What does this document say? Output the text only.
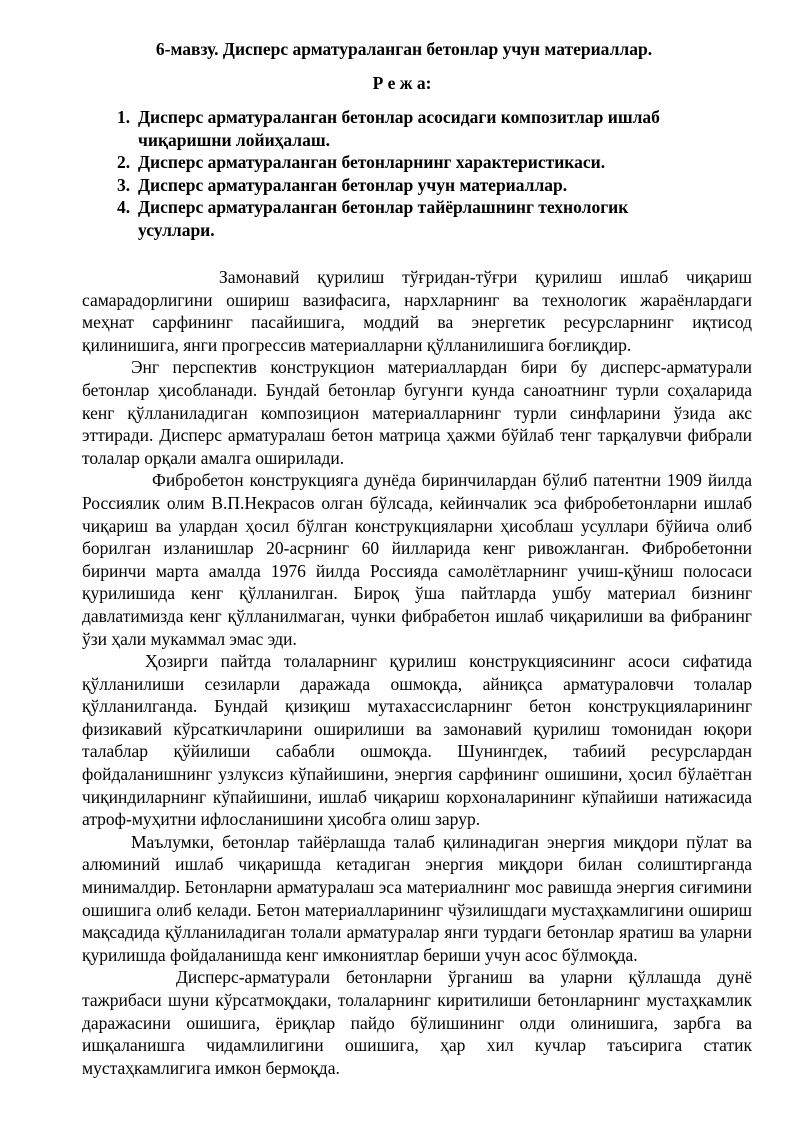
6-мавзу. Дисперс арматураланган бетонлар учун материаллар.
Р е ж а:
1. Дисперс арматураланган бетонлар асосидаги композитлар ишлаб чиқаришни лойиҳалаш.
2. Дисперс арматураланган бетонларнинг характеристикаси.
3. Дисперс арматураланган бетонлар учун материаллар.
4. Дисперс арматураланган бетонлар тайёрлашнинг технологик усуллари.

Замонавий қурилиш тўғридан-тўғри қурилиш ишлаб чиқариш самарадорлигини ошириш вазифасига, нархларнинг ва технологик жараёнлардаги меҳнат сарфининг пасайишига, моддий ва энергетик ресурсларнинг иқтисод қилинишига, янги прогрессив материалларни қўлланилишига боғлиқдир.

Энг перспектив конструкцион материаллардан бири бу дисперс-арматурали бетонлар ҳисобланади. Бундай бетонлар бугунги кунда саноатнинг турли соҳаларида кенг қўлланиладиган композицион материалларнинг турли синфларини ўзида акс эттиради. Дисперс арматуралаш бетон матрица ҳажми бўйлаб тенг тарқалувчи фибрали толалар орқали амалга оширилади.

Фибробетон конструкцияга дунёда биринчилардан бўлиб патентни 1909 йилда Россиялик олим В.П.Некрасов олган бўлсада, кейинчалик эса фибробетонларни ишлаб чиқариш ва улардан ҳосил бўлган конструкцияларни ҳисоблаш усуллари бўйича олиб борилган изланишлар 20-асрнинг 60 йилларида кенг ривожланган. Фибробетонни биринчи марта амалда 1976 йилда Россияда самолётларнинг учиш-қўниш полосаси қурилишида кенг қўлланилган. Бироқ ўша пайтларда ушбу материал бизнинг давлатимизда кенг қўлланилмаган, чунки фибрабетон ишлаб чиқарилиши ва фибранинг ўзи ҳали мукаммал эмас эди.

Ҳозирги пайтда толаларнинг қурилиш конструкциясининг асоси сифатида қўлланилиши сезиларли даражада ошмоқда, айниқса арматураловчи толалар қўлланилганда. Бундай қизиқиш мутахассисларнинг бетон конструкцияларининг физикавий кўрсаткичларини оширилиши ва замонавий қурилиш томонидан юқори талаблар қўйилиши сабабли ошмоқда. Шунингдек, табиий ресурслардан фойдаланишнинг узлуксиз кўпайишини, энергия сарфининг ошишини, ҳосил бўлаётган чиқиндиларнинг кўпайишини, ишлаб чиқариш корхоналарининг кўпайиши натижасида атроф-муҳитни ифлосланишини ҳисобга олиш зарур.

Маълумки, бетонлар тайёрлашда талаб қилинадиган энергия миқдори пўлат ва алюминий ишлаб чиқаришда кетадиган энергия миқдори билан солиштирганда минималдир. Бетонларни арматуралаш эса материалнинг мос равишда энергия сиғимини ошишига олиб келади. Бетон материалларининг чўзилишдаги мустаҳкамлигини ошириш мақсадида қўлланиладиган толали арматуралар янги турдаги бетонлар яратиш ва уларни қурилишда фойдаланишда кенг имкониятлар бериши учун асос бўлмоқда.

Дисперс-арматурали бетонларни ўрганиш ва уларни қўллашда дунё тажрибаси шуни кўрсатмоқдаки, толаларнинг киритилиши бетонларнинг мустаҳкамлик даражасини ошишига, ёриқлар пайдо бўлишининг олди олинишига, зарбга ва ишқаланишга чидамлилигини ошишига, ҳар хил кучлар таъсирига статик мустаҳкамлигига имкон бермоқда.
